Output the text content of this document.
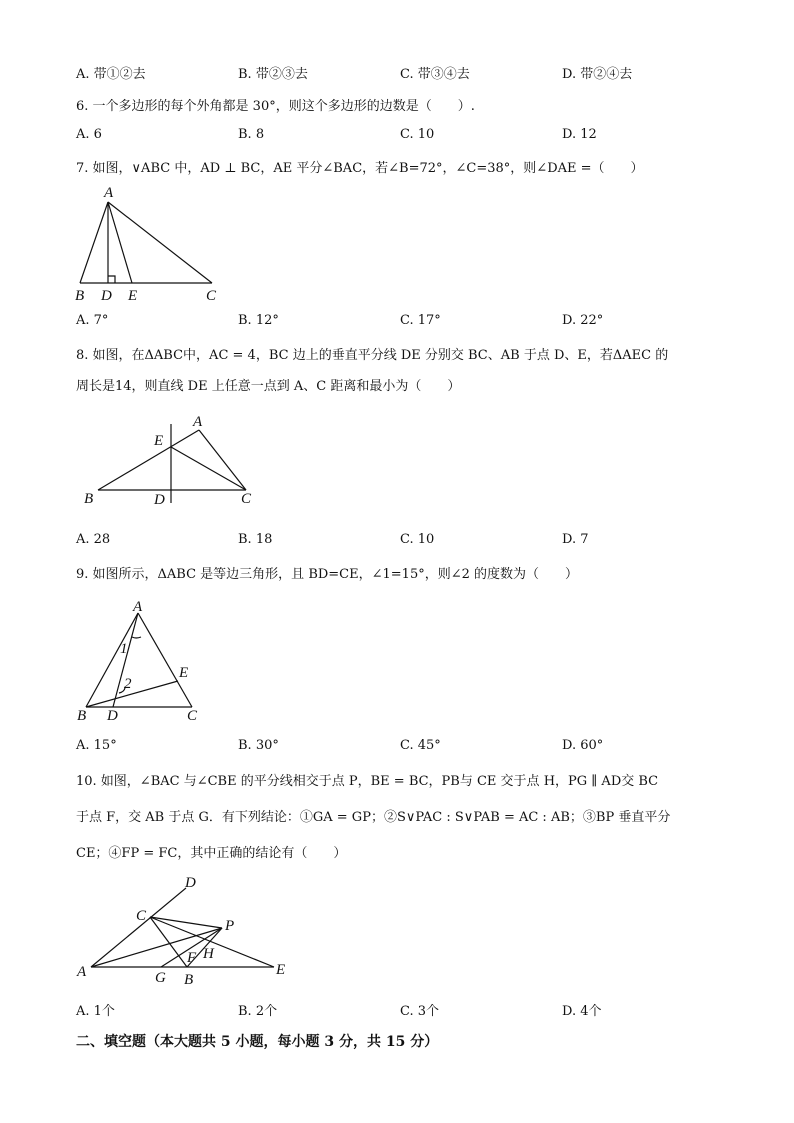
A. 带①②去	B. 带②③去	C. 带③④去	D. 带②④去
6. 一个多边形的每个外角都是 30°，则这个多边形的边数是（　　）.
A. 6	B. 8	C. 10	D. 12
7. 如图，∨ABC 中，AD ⊥ BC，AE 平分∠BAC，若∠B=72°，∠C=38°，则∠DAE =（　　）
A
B D E	C
A. 7°	B. 12°	C. 17°	D. 22°
8. 如图，在ΔABC中，AC = 4，BC 边上的垂直平分线 DE 分别交 BC、AB 于点 D、E，若ΔAEC 的
周长是14，则直线 DE 上任意一点到 A、C 距离和最小为（　　）
E
A
B	D	C
A. 28	B. 18	C. 10	D. 7
9. 如图所示，ΔABC 是等边三角形，且 BD=CE，∠1=15°，则∠2 的度数为（　　）
A
1
2
E
B D	C
A. 15°	B. 30°	C. 45°	D. 60°
10. 如图，∠BAC 与∠CBE 的平分线相交于点 P，BE = BC，PB与 CE 交于点 H，PG ∥ AD交 BC
于点 F，交 AB 于点 G．有下列结论：①GA = GP；②S∨PAC : S∨PAB = AC : AB；③BP 垂直平分
CE；④FP = FC，其中正确的结论有（　　）
D
C
P
F H
A	G B
E
A. 1个	B. 2个	C. 3个	D. 4个
二、填空题（本大题共 5 小题，每小题 3 分，共 15 分）
